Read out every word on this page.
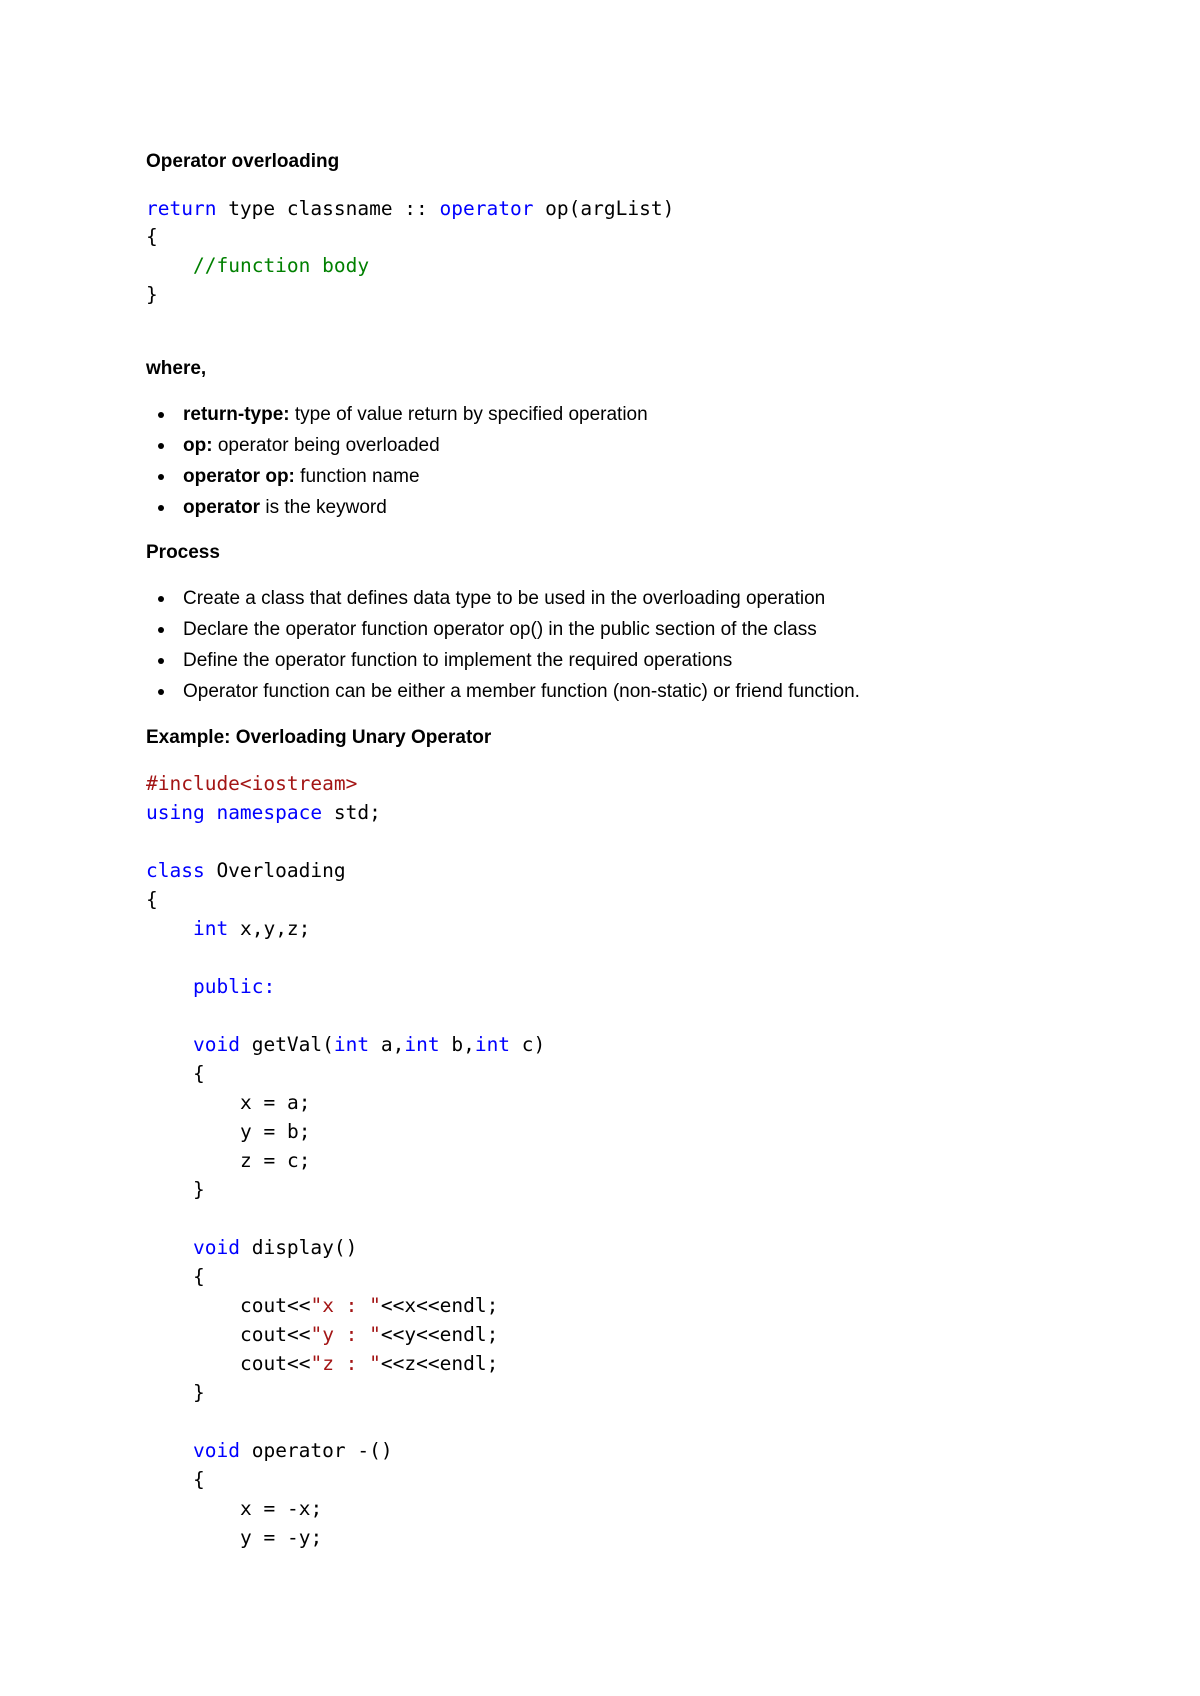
Operator overloading
return type classname :: operator op(argList)
{
//function body
}
where,
return-type: type of value return by specified operation
op: operator being overloaded
operator op: function name
operator is the keyword
Process
Create a class that defines data type to be used in the overloading operation
Declare the operator function operator op() in the public section of the class
Define the operator function to implement the required operations
Operator function can be either a member function (non-static) or friend function.
Example: Overloading Unary Operator
#include<iostream>
using namespace std;
class Overloading
{
int x,y,z;
public:
void getVal(int a,int b,int c)
{
x = a;
y = b;
z = c;
}
void display()
{
cout<<"x : "<<x<<endl;
cout<<"y : "<<y<<endl;
cout<<"z : "<<z<<endl;
}
void operator -()
{
x = -x;
y = -y;
